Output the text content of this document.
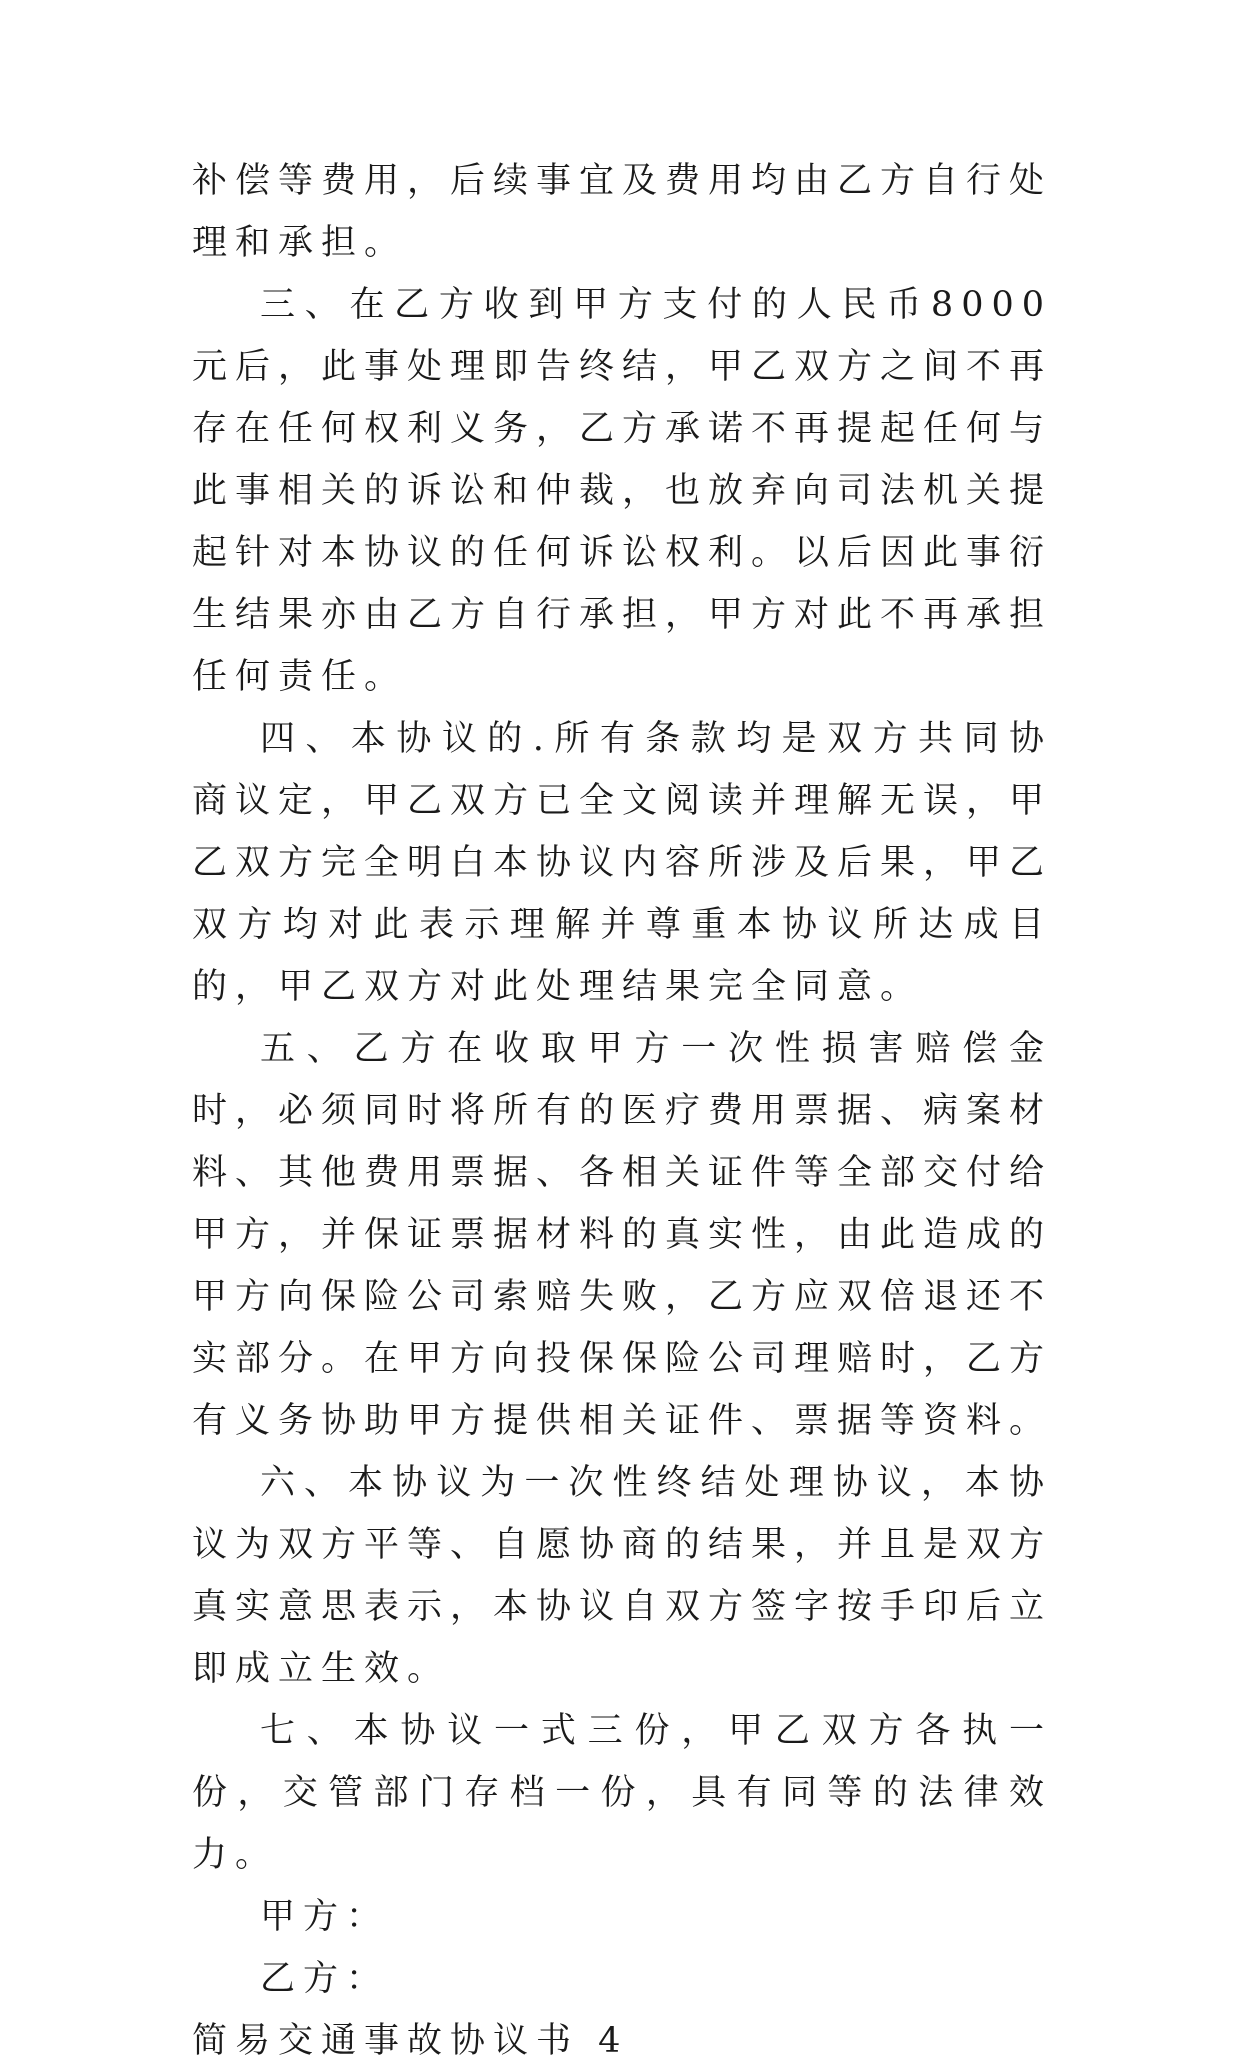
补偿等费用，后续事宜及费用均由乙方自行处理和承担。

三、在乙方收到甲方支付的人民币8000元后，此事处理即告终结，甲乙双方之间不再存在任何权利义务，乙方承诺不再提起任何与此事相关的诉讼和仲裁，也放弃向司法机关提起针对本协议的任何诉讼权利。以后因此事衍生结果亦由乙方自行承担，甲方对此不再承担任何责任。

四、本协议的.所有条款均是双方共同协商议定，甲乙双方已全文阅读并理解无误，甲乙双方完全明白本协议内容所涉及后果，甲乙双方均对此表示理解并尊重本协议所达成目的，甲乙双方对此处理结果完全同意。

五、乙方在收取甲方一次性损害赔偿金时，必须同时将所有的医疗费用票据、病案材料、其他费用票据、各相关证件等全部交付给甲方，并保证票据材料的真实性，由此造成的甲方向保险公司索赔失败，乙方应双倍退还不实部分。在甲方向投保保险公司理赔时，乙方有义务协助甲方提供相关证件、票据等资料。

六、本协议为一次性终结处理协议，本协议为双方平等、自愿协商的结果，并且是双方真实意思表示，本协议自双方签字按手印后立即成立生效。

七、本协议一式三份，甲乙双方各执一份，交管部门存档一份，具有同等的法律效力。

甲方：

乙方：

简易交通事故协议书 4
